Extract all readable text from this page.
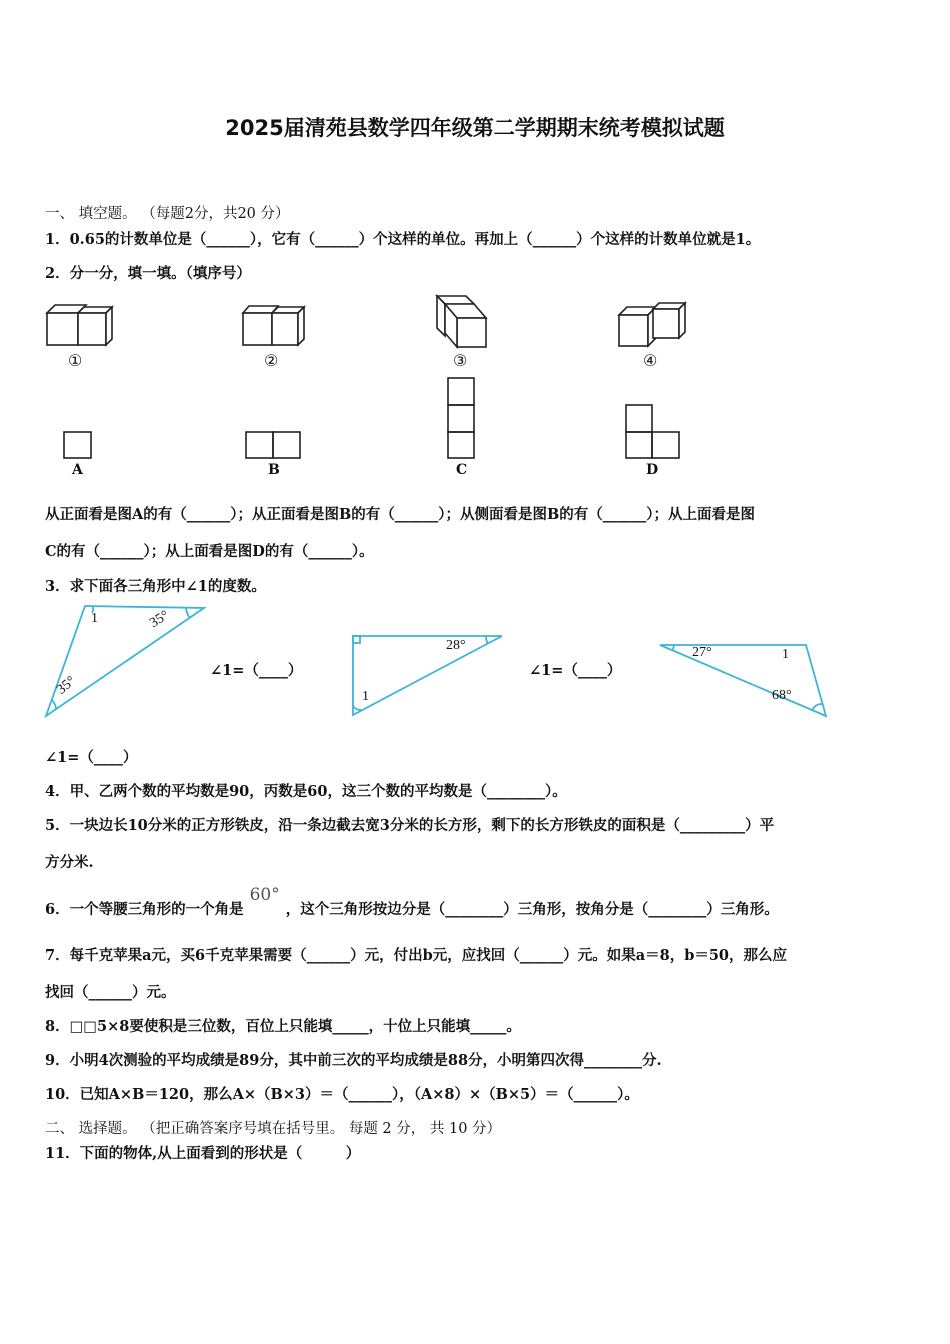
2025届清苑县数学四年级第二学期期末统考模拟试题
一、 填空题。 （每题2分，共20 分）
1．0.65的计数单位是（______），它有（______）个这样的单位。再加上（______）个这样的计数单位就是1。
2．分一分，填一填。（填序号）
①	②	③	④
A	B	C	D
从正面看是图A的有（______）；从正面看是图B的有（______）；从侧面看是图B的有（______）；从上面看是图
C的有（______）；从上面看是图D的有（______）。
3．求下面各三角形中∠1的度数。
1	35°
35°
∠1=（____）
28°
1
∠1=（____）
27°	1
68°
∠1=（____）
4．甲、乙两个数的平均数是90，丙数是60，这三个数的平均数是（________）。
5．一块边长10分米的正方形铁皮，沿一条边截去宽3分米的长方形，剩下的长方形铁皮的面积是（_________）平
方分米.
6．一个等腰三角形的一个角是60°，这个三角形按边分是（________）三角形，按角分是（________）三角形。
7．每千克苹果a元，买6千克苹果需要（______）元，付出b元，应找回（______）元。如果a＝8，b＝50，那么应
找回（______）元。
8．□□5×8要使积是三位数，百位上只能填_____，十位上只能填_____。
9．小明4次测验的平均成绩是89分，其中前三次的平均成绩是88分，小明第四次得________分.
10．已知A×B＝120，那么A×（B×3）＝（______），（A×8）×（B×5）＝（______）。
二、 选择题。 （把正确答案序号填在括号里。 每题 2 分， 共 10 分）
11．下面的物体,从上面看到的形状是（　　　）
